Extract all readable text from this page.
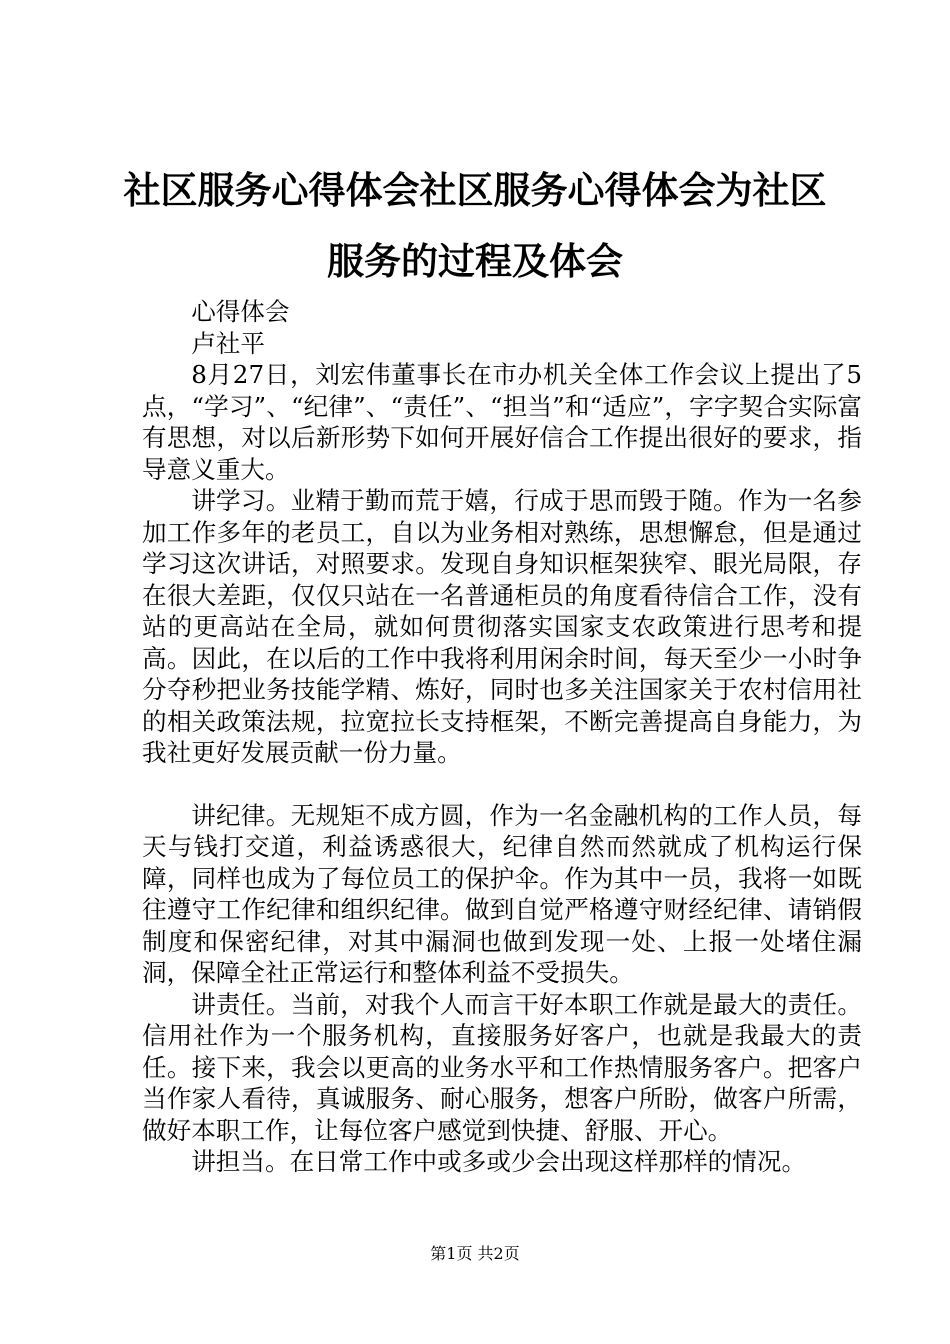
社区服务心得体会社区服务心得体会为社区服务的过程及体会

心得体会

卢社平

8月27日，刘宏伟董事长在市办机关全体工作会议上提出了5点，“学习”、“纪律”、“责任”、“担当”和“适应”，字字契合实际富有思想，对以后新形势下如何开展好信合工作提出很好的要求，指导意义重大。

讲学习。业精于勤而荒于嬉，行成于思而毁于随。作为一名参加工作多年的老员工，自以为业务相对熟练，思想懈怠，但是通过学习这次讲话，对照要求。发现自身知识框架狭窄、眼光局限，存在很大差距，仅仅只站在一名普通柜员的角度看待信合工作，没有站的更高站在全局，就如何贯彻落实国家支农政策进行思考和提高。因此，在以后的工作中我将利用闲余时间，每天至少一小时争分夺秒把业务技能学精、炼好，同时也多关注国家关于农村信用社的相关政策法规，拉宽拉长支持框架，不断完善提高自身能力，为我社更好发展贡献一份力量。

讲纪律。无规矩不成方圆，作为一名金融机构的工作人员，每天与钱打交道，利益诱惑很大，纪律自然而然就成了机构运行保障，同样也成为了每位员工的保护伞。作为其中一员，我将一如既往遵守工作纪律和组织纪律。做到自觉严格遵守财经纪律、请销假制度和保密纪律，对其中漏洞也做到发现一处、上报一处堵住漏洞，保障全社正常运行和整体利益不受损失。

讲责任。当前，对我个人而言干好本职工作就是最大的责任。信用社作为一个服务机构，直接服务好客户，也就是我最大的责任。接下来，我会以更高的业务水平和工作热情服务客户。把客户当作家人看待，真诚服务、耐心服务，想客户所盼，做客户所需，做好本职工作，让每位客户感觉到快捷、舒服、开心。

讲担当。在日常工作中或多或少会出现这样那样的情况。

第1页 共2页
